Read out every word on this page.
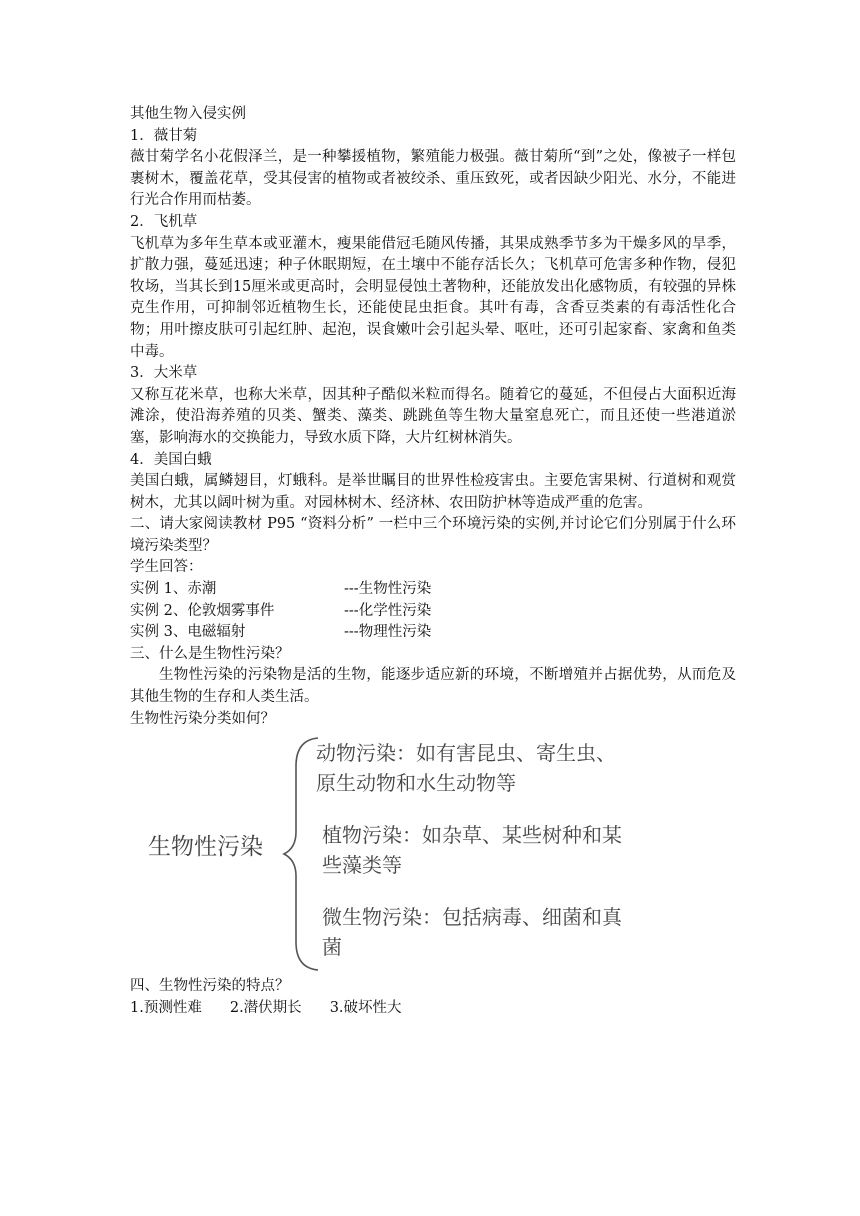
其他生物入侵实例
1．薇甘菊
薇甘菊学名小花假泽兰，是一种攀援植物，繁殖能力极强。薇甘菊所“到”之处，像被子一样包裹树木，覆盖花草，受其侵害的植物或者被绞杀、重压致死，或者因缺少阳光、水分，不能进行光合作用而枯萎。
2．飞机草
飞机草为多年生草本或亚灌木，瘦果能借冠毛随风传播，其果成熟季节多为干燥多风的旱季，扩散力强，蔓延迅速；种子休眠期短，在土壤中不能存活长久；飞机草可危害多种作物，侵犯牧场，当其长到15厘米或更高时，会明显侵蚀土著物种，还能放发出化感物质，有较强的异株克生作用，可抑制邻近植物生长，还能使昆虫拒食。其叶有毒，含香豆类素的有毒活性化合物；用叶擦皮肤可引起红肿、起泡，误食嫩叶会引起头晕、呕吐，还可引起家畜、家禽和鱼类中毒。
3．大米草
又称互花米草，也称大米草，因其种子酷似米粒而得名。随着它的蔓延，不但侵占大面积近海滩涂，使沿海养殖的贝类、蟹类、藻类、跳跳鱼等生物大量窒息死亡，而且还使一些港道淤塞，影响海水的交换能力，导致水质下降，大片红树林消失。
4．美国白蛾
美国白蛾，属鳞翅目，灯蛾科。是举世瞩目的世界性检疫害虫。主要危害果树、行道树和观赏树木，尤其以阔叶树为重。对园林树木、经济林、农田防护林等造成严重的危害。
二、请大家阅读教材 P95 “资料分析” 一栏中三个环境污染的实例,并讨论它们分别属于什么环境污染类型？
学生回答：
实例 1、赤潮	---生物性污染
实例 2、伦敦烟雾事件	---化学性污染
实例 3、电磁辐射	---物理性污染
三、什么是生物性污染？
生物性污染的污染物是活的生物，能逐步适应新的环境，不断增殖并占据优势，从而危及其他生物的生存和人类生活。
生物性污染分类如何？
生物性污染
动物污染：如有害昆虫、寄生虫、原生动物和水生动物等
植物污染：如杂草、某些树种和某些藻类等
微生物污染：包括病毒、细菌和真菌
四、生物性污染的特点？
1.预测性难 2.潜伏期长 3.破坏性大
